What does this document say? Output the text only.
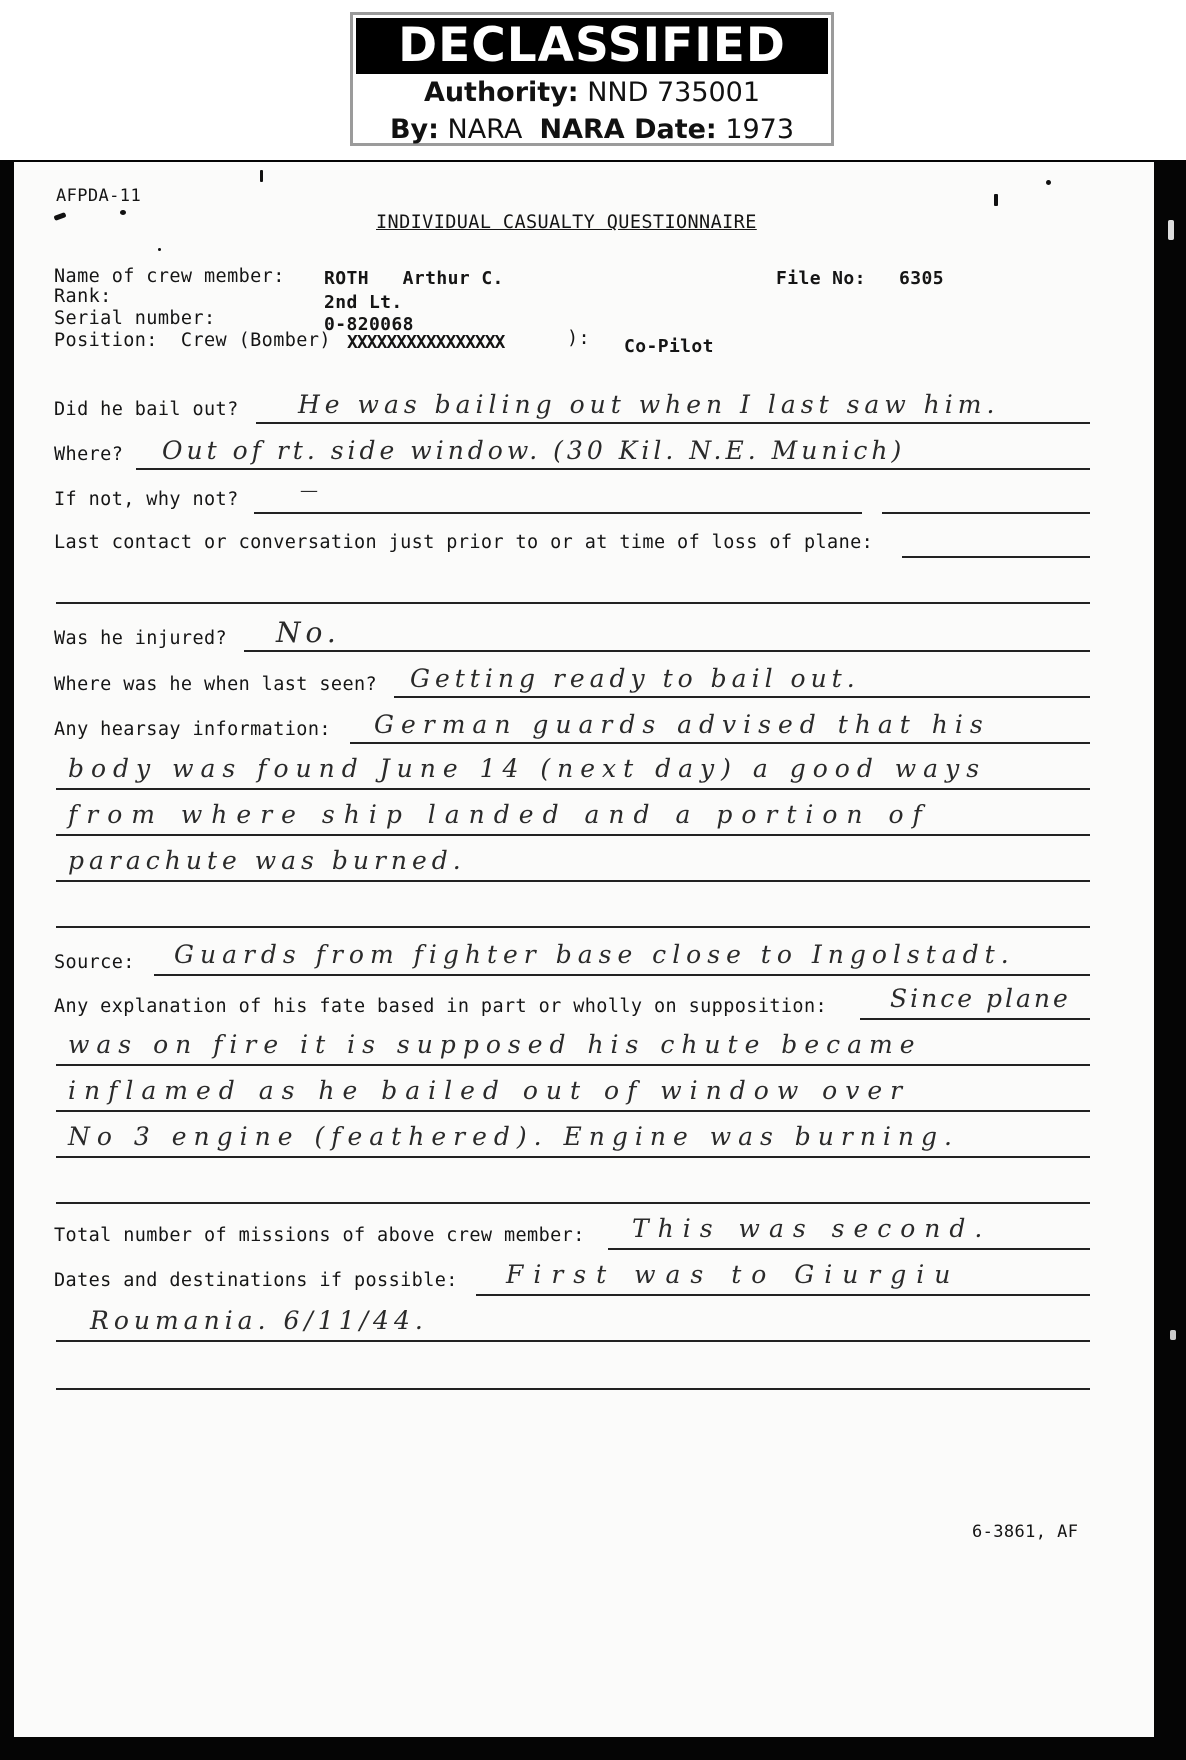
DECLASSIFIED
Authority: NND 735001
By: NARA NARA Date: 1973
AFPDA-11
INDIVIDUAL CASUALTY QUESTIONNAIRE
Name of crew member: ROTH   Arthur C.	File No: 6305
Rank:	2nd Lt.
Serial number:	0-820068
Position:  Crew (Bomber) XXXXXXXXXXXXXXXX	): Co-Pilot
Did he bail out? He was bailing out when I last saw him.
Where? Out of rt. side window. (30 Kil. N.E. Munich)
If not, why not?	—
Last contact or conversation just prior to or at time of loss of plane:
Was he injured? No.
Where was he when last seen? Getting ready to bail out.
Any hearsay information: German guards advised that his
body was found June 14 (next day) a good ways
from where ship landed and a portion of
parachute was burned.
Source: Guards from fighter base close to Ingolstadt.
Any explanation of his fate based in part or wholly on supposition:	Since plane
was on fire it is supposed his chute became
inflamed as he bailed out of window over
No 3 engine (feathered). Engine was burning.
Total number of missions of above crew member: This was second.
Dates and destinations if possible: First was to Giurgiu
Roumania. 6/11/44.
6-3861, AF
